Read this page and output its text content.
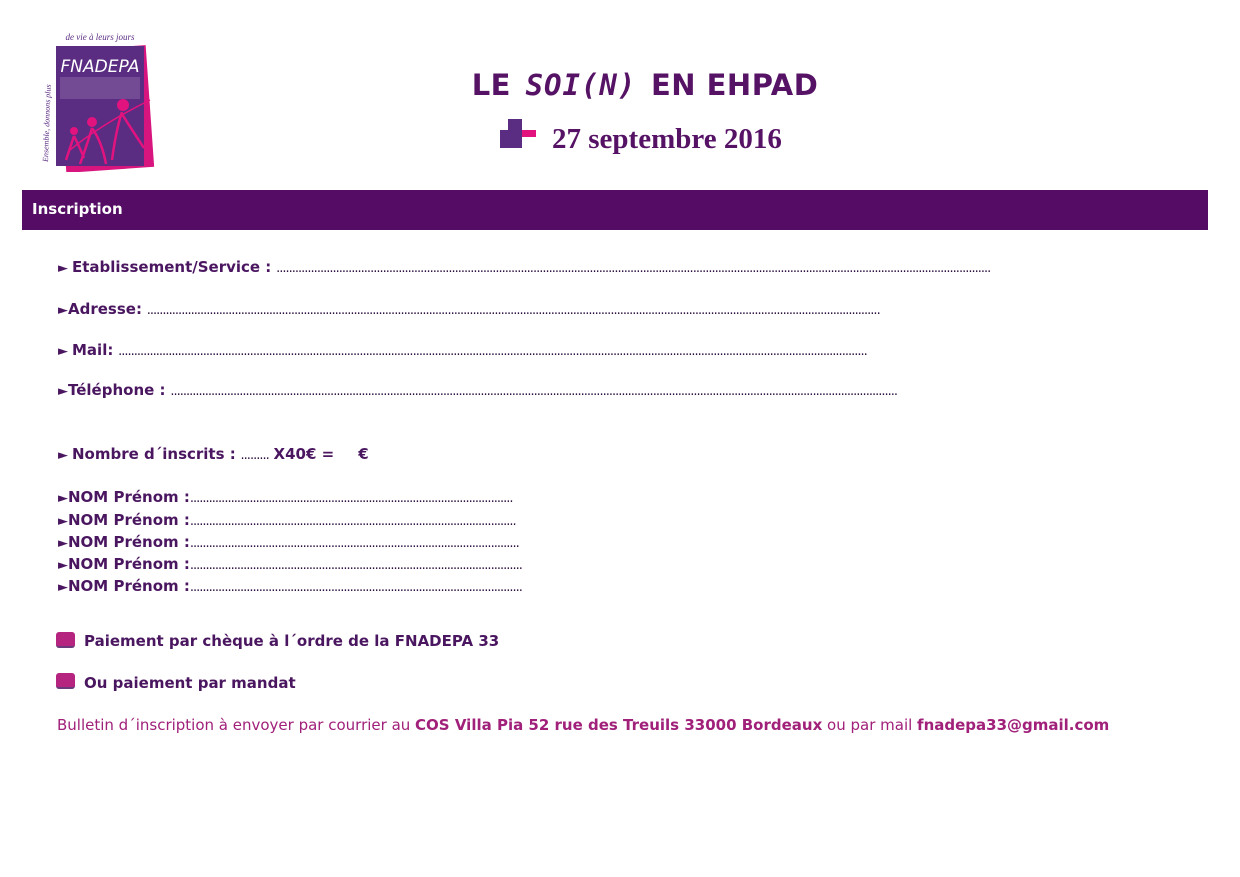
de vie à leurs jours
FNADEPA
Ensemble, donnons plus	LE SOI(N) EN EHPAD
27 septembre 2016
Inscription
► Etablissement/Service : ....................................................................................................................................................................................................................................
►Adresse: ..........................................................................................................................................................................................................................................
► Mail: ...............................................................................................................................................................................................................................................
►Téléphone : ........................................................................................................................................................................................................................................
► Nombre d´inscrits : ......... X40€ = €
►NOM Prénom :.......................................................................................................
►NOM Prénom :........................................................................................................
►NOM Prénom :.........................................................................................................
►NOM Prénom :..........................................................................................................
►NOM Prénom :..........................................................................................................
Paiement par chèque à l´ordre de la FNADEPA 33
Ou paiement par mandat
Bulletin d´inscription à envoyer par courrier au COS Villa Pia 52 rue des Treuils 33000 Bordeaux ou par mail fnadepa33@gmail.com
